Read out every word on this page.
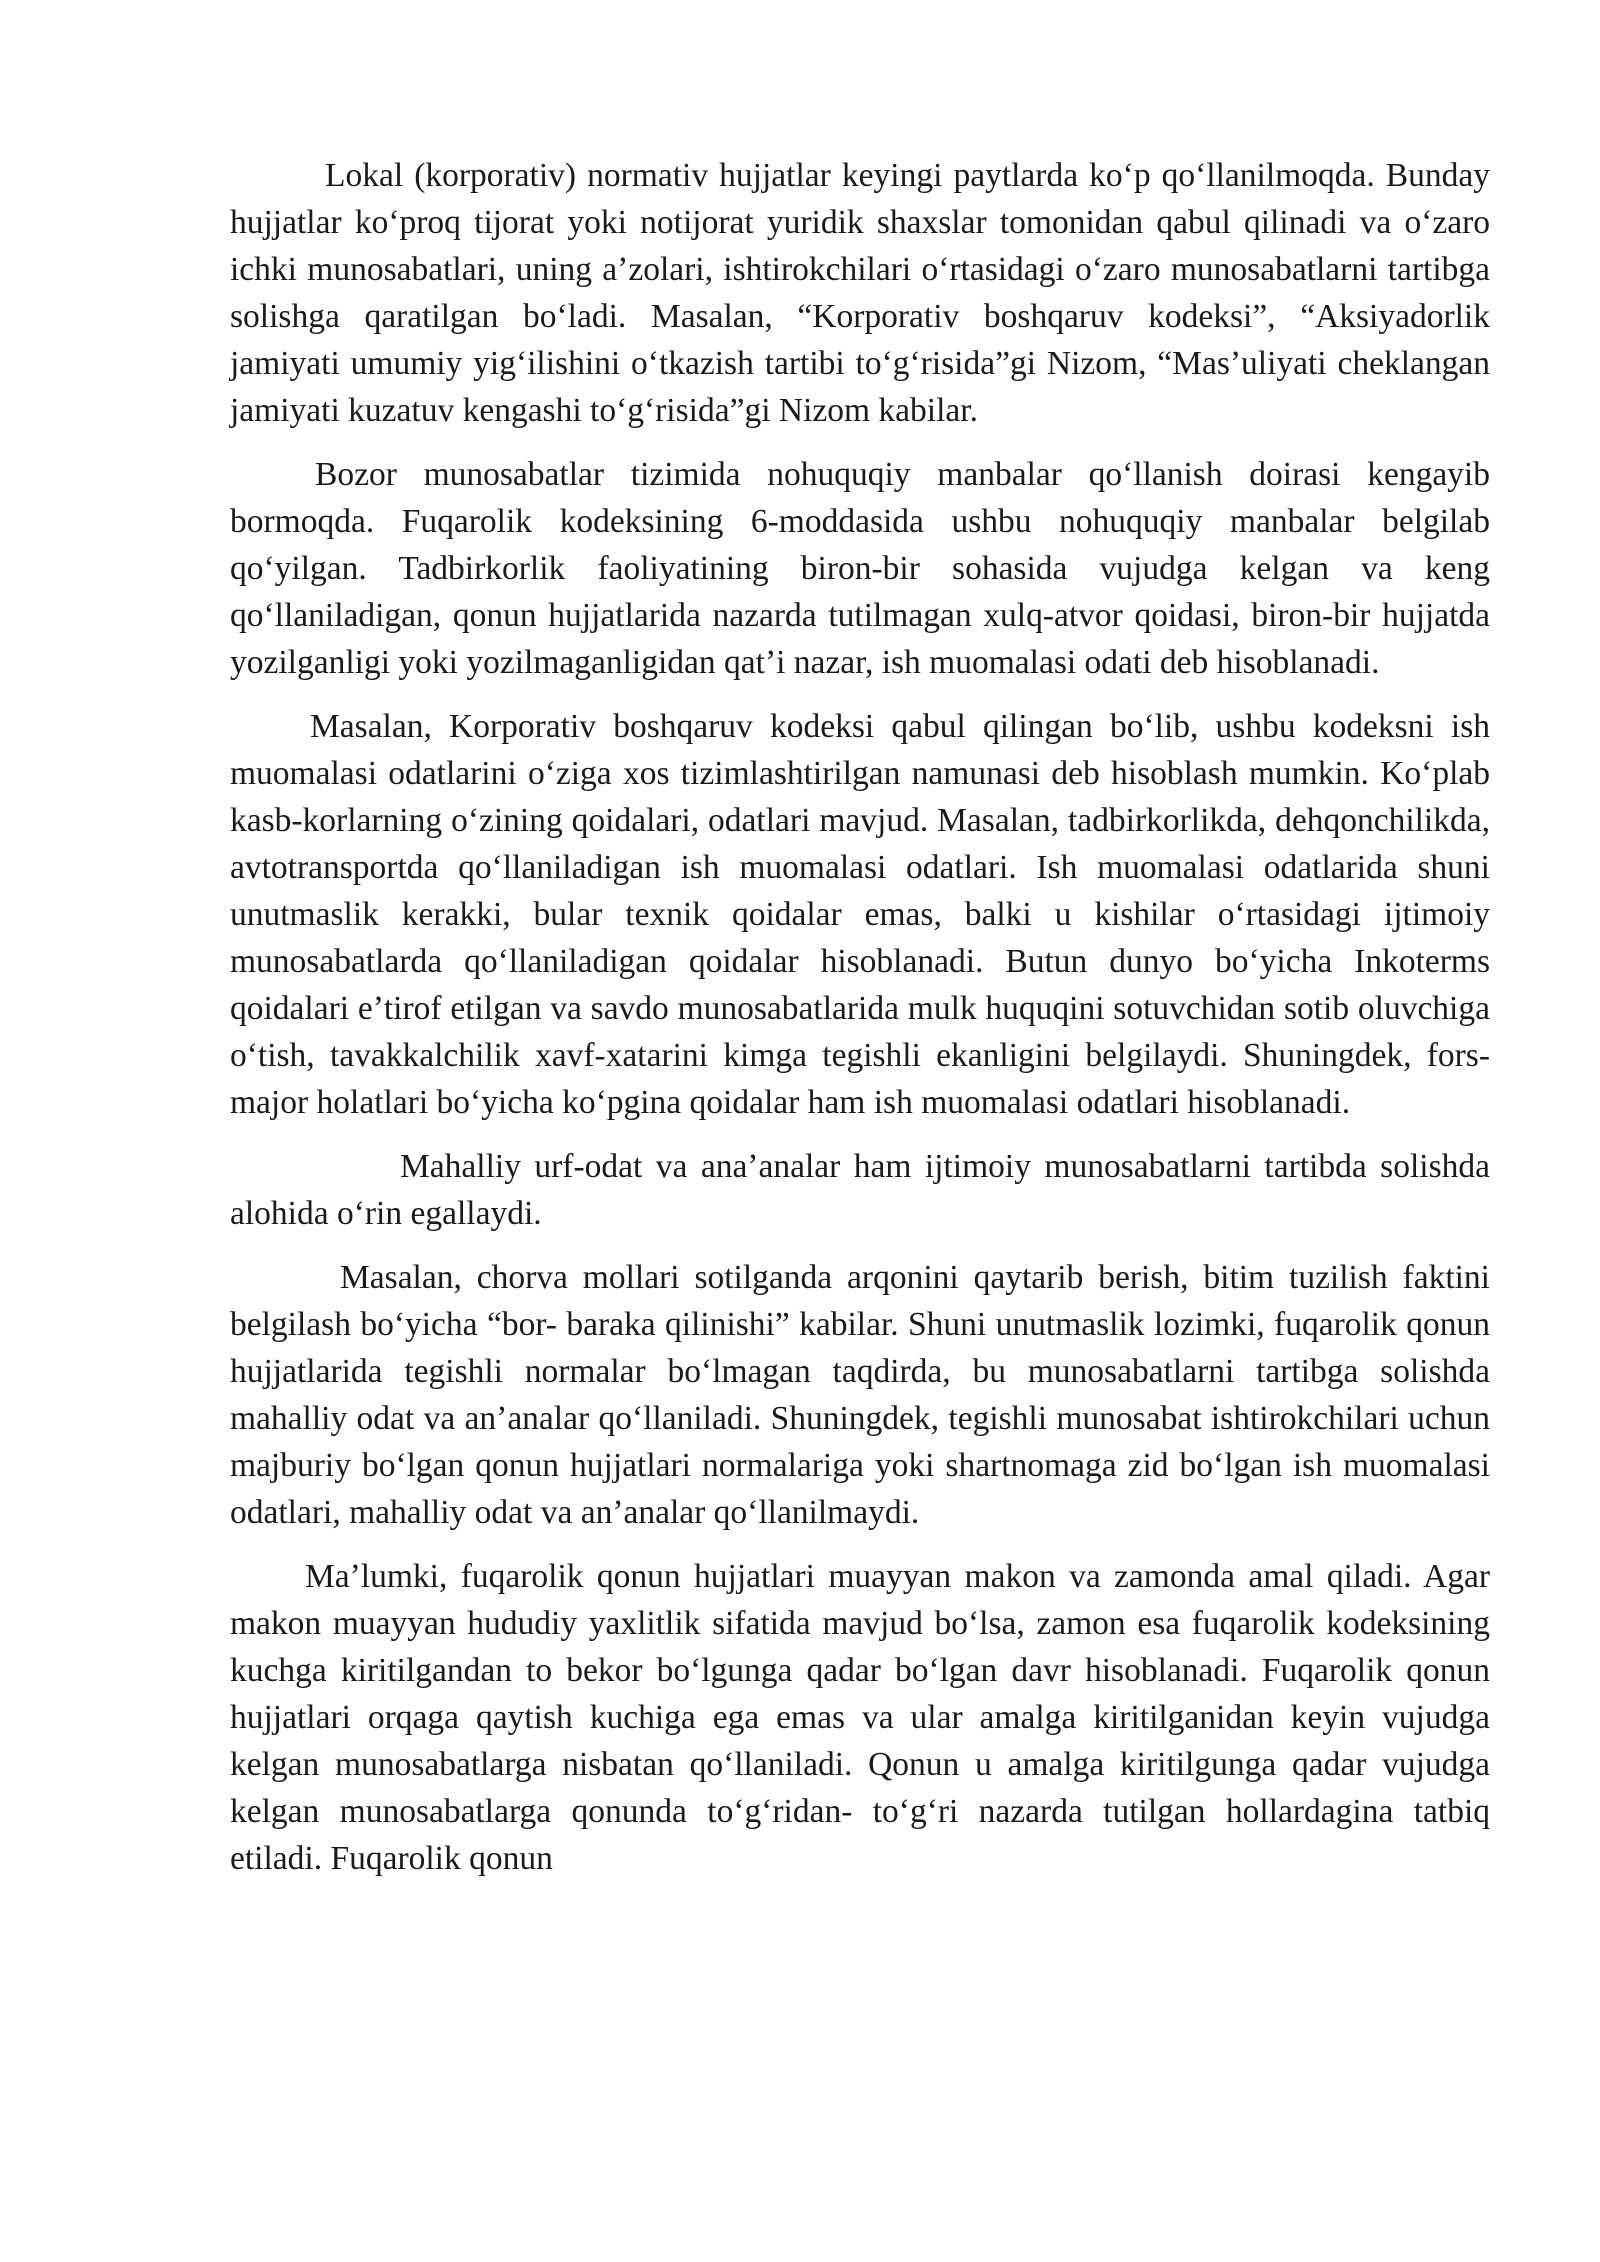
Lokal (korporativ) normativ hujjatlar keyingi paytlarda koʻp qoʻllanilmoqda. Bunday hujjatlar koʻproq tijorat yoki notijorat yuridik shaxslar tomonidan qabul qilinadi va oʻzaro ichki munosabatlari, uning aʼzolari, ishtirokchilari oʻrtasidagi oʻzaro munosabatlarni tartibga solishga qaratilgan boʻladi. Masalan, “Korporativ boshqaruv kodeksi”, “Aksiyadorlik jamiyati umumiy yigʻilishini oʻtkazish tartibi toʻgʻrisida”gi Nizom, “Masʼuliyati cheklangan jamiyati kuzatuv kengashi toʻgʻrisida”gi Nizom kabilar.

Bozor munosabatlar tizimida nohuquqiy manbalar qoʻllanish doirasi kengayib bormoqda. Fuqarolik kodeksining 6-moddasida ushbu nohuquqiy manbalar belgilab qoʻyilgan. Tadbirkorlik faoliyatining biron-bir sohasida vujudga kelgan va keng qoʻllaniladigan, qonun hujjatlarida nazarda tutilmagan xulq-atvor qoidasi, biron-bir hujjatda yozilganligi yoki yozilmaganligidan qatʼi nazar, ish muomalasi odati deb hisoblanadi.

Masalan, Korporativ boshqaruv kodeksi qabul qilingan boʻlib, ushbu kodeksni ish muomalasi odatlarini oʻziga xos tizimlashtirilgan namunasi deb hisoblash mumkin. Koʻplab kasb-korlarning oʻzining qoidalari, odatlari mavjud. Masalan, tadbirkorlikda, dehqonchilikda, avtotransportda qoʻllaniladigan ish muomalasi odatlari. Ish muomalasi odatlarida shuni unutmaslik kerakki, bular texnik qoidalar emas, balki u kishilar oʻrtasidagi ijtimoiy munosabatlarda qoʻllaniladigan qoidalar hisoblanadi. Butun dunyo boʻyicha Inkoterms qoidalari eʼtirof etilgan va savdo munosabatlarida mulk huquqini sotuvchidan sotib oluvchiga oʻtish, tavakkalchilik xavf-xatarini kimga tegishli ekanligini belgilaydi. Shuningdek, fors-major holatlari boʻyicha koʻpgina qoidalar ham ish muomalasi odatlari hisoblanadi.

Mahalliy urf-odat va anaʼanalar ham ijtimoiy munosabatlarni tartibda solishda alohida oʻrin egallaydi.

Masalan, chorva mollari sotilganda arqonini qaytarib berish, bitim tuzilish faktini belgilash boʻyicha “bor- baraka qilinishi” kabilar. Shuni unutmaslik lozimki, fuqarolik qonun hujjatlarida tegishli normalar boʻlmagan taqdirda, bu munosabatlarni tartibga solishda mahalliy odat va anʼanalar qoʻllaniladi. Shuningdek, tegishli munosabat ishtirokchilari uchun majburiy boʻlgan qonun hujjatlari normalariga yoki shartnomaga zid boʻlgan ish muomalasi odatlari, mahalliy odat va anʼanalar qoʻllanilmaydi.

Maʼlumki, fuqarolik qonun hujjatlari muayyan makon va zamonda amal qiladi. Agar makon muayyan hududiy yaxlitlik sifatida mavjud boʻlsa, zamon esa fuqarolik kodeksining kuchga kiritilgandan to bekor boʻlgunga qadar boʻlgan davr hisoblanadi. Fuqarolik qonun hujjatlari orqaga qaytish kuchiga ega emas va ular amalga kiritilganidan keyin vujudga kelgan munosabatlarga nisbatan qoʻllaniladi. Qonun u amalga kiritilgunga qadar vujudga kelgan munosabatlarga qonunda toʻgʻridan- toʻgʻri nazarda tutilgan hollardagina tatbiq etiladi. Fuqarolik qonun
